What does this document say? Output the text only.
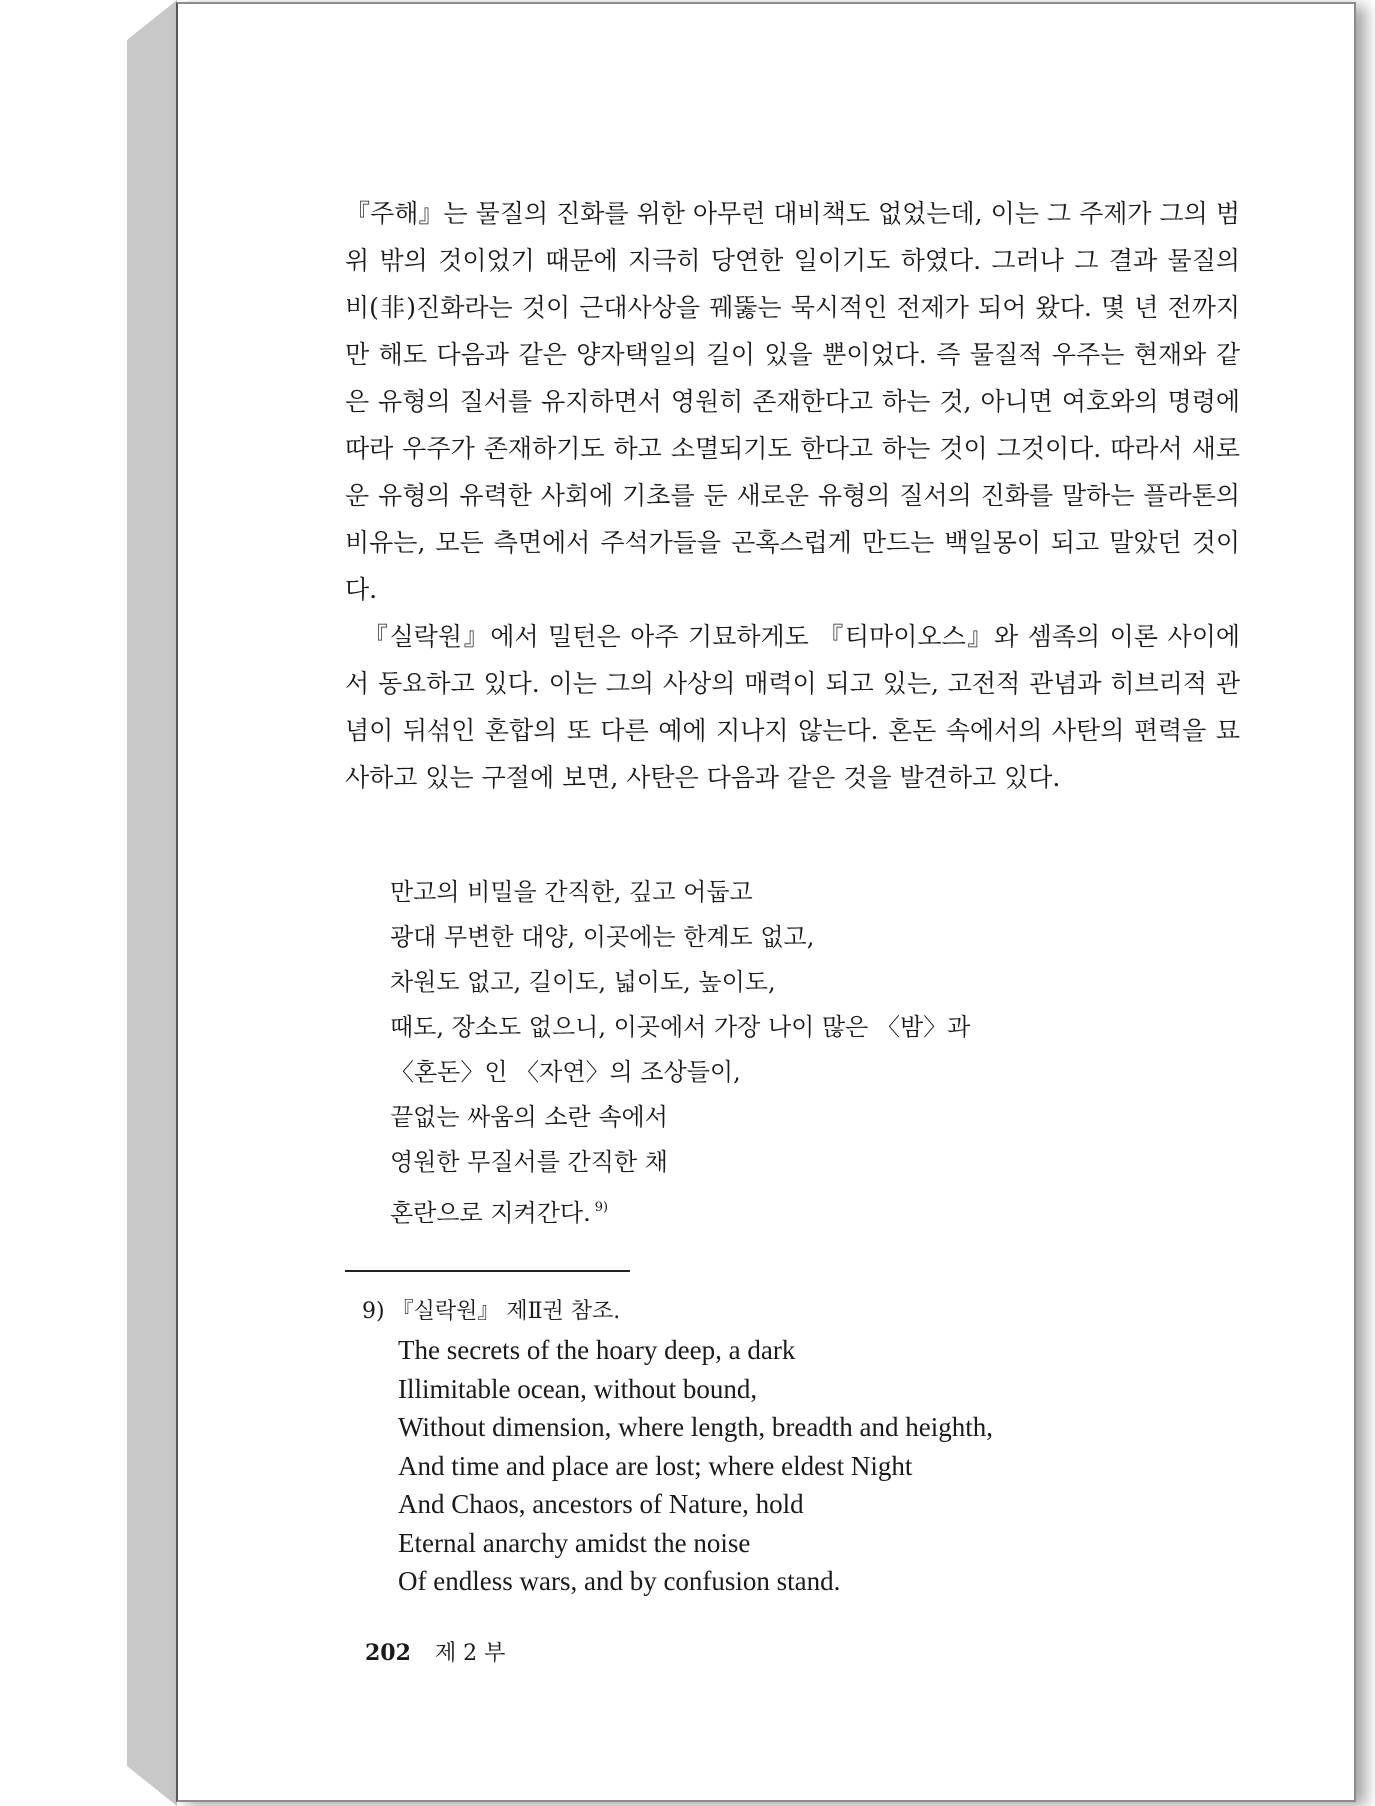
『주해』는 물질의 진화를 위한 아무런 대비책도 없었는데, 이는 그 주제가 그의 범위 밖의 것이었기 때문에 지극히 당연한 일이기도 하였다. 그러나 그 결과 물질의 비(非)진화라는 것이 근대사상을 꿰뚫는 묵시적인 전제가 되어 왔다. 몇 년 전까지만 해도 다음과 같은 양자택일의 길이 있을 뿐이었다. 즉 물질적 우주는 현재와 같은 유형의 질서를 유지하면서 영원히 존재한다고 하는 것, 아니면 여호와의 명령에 따라 우주가 존재하기도 하고 소멸되기도 한다고 하는 것이 그것이다. 따라서 새로운 유형의 유력한 사회에 기초를 둔 새로운 유형의 질서의 진화를 말하는 플라톤의 비유는, 모든 측면에서 주석가들을 곤혹스럽게 만드는 백일몽이 되고 말았던 것이다.

『실락원』에서 밀턴은 아주 기묘하게도 『티마이오스』와 셈족의 이론 사이에서 동요하고 있다. 이는 그의 사상의 매력이 되고 있는, 고전적 관념과 히브리적 관념이 뒤섞인 혼합의 또 다른 예에 지나지 않는다. 혼돈 속에서의 사탄의 편력을 묘사하고 있는 구절에 보면, 사탄은 다음과 같은 것을 발견하고 있다.

만고의 비밀을 간직한, 깊고 어둡고
광대 무변한 대양, 이곳에는 한계도 없고,
차원도 없고, 길이도, 넓이도, 높이도,
때도, 장소도 없으니, 이곳에서 가장 나이 많은 〈밤〉과
〈혼돈〉인 〈자연〉의 조상들이,
끝없는 싸움의 소란 속에서
영원한 무질서를 간직한 채
혼란으로 지켜간다. $^{9)}$
9) 『실락원』 제Ⅱ권 참조.
The secrets of the hoary deep, a dark
Illimitable ocean, without bound,
Without dimension, where length, breadth and heighth,
And time and place are lost; where eldest Night
And Chaos, ancestors of Nature, hold
Eternal anarchy amidst the noise
Of endless wars, and by confusion stand.
202 제 2 부
